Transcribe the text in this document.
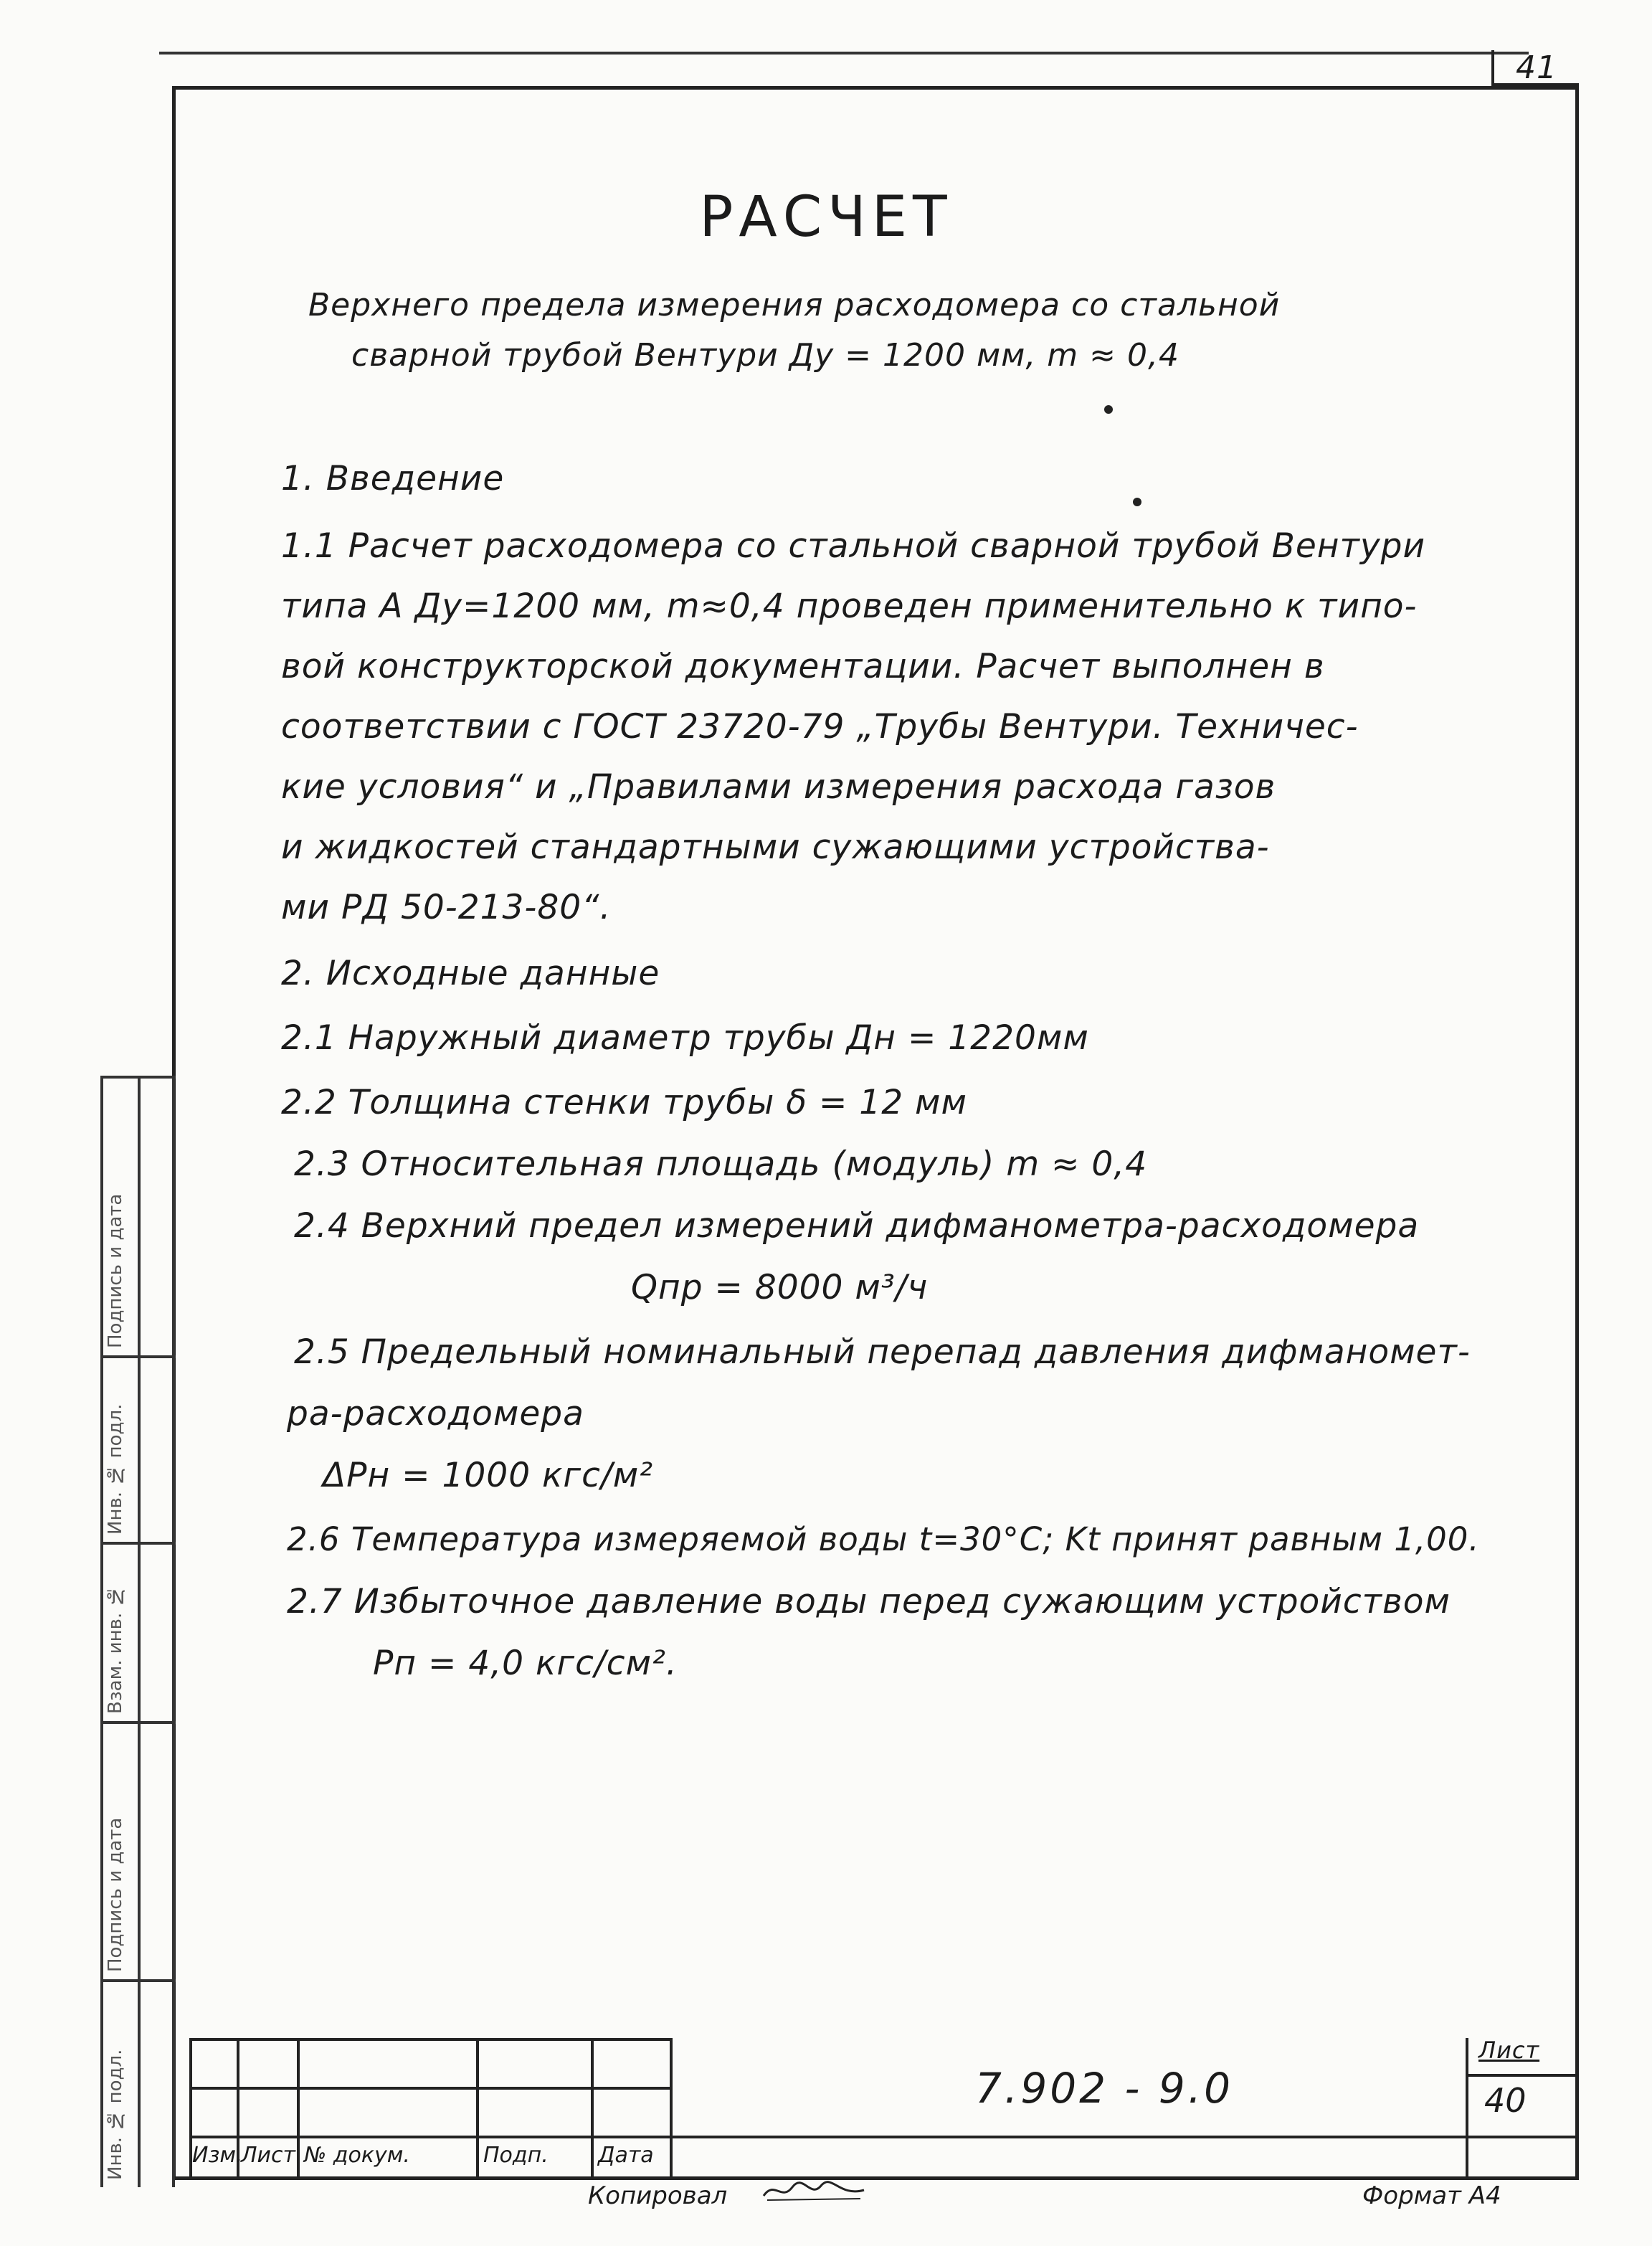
41
Подпись и дата
Инв. № подл.
Взам. инв. №
Подпись и дата
Инв. № подл.
РАСЧЕТ
Верхнего предела измерения расходомера со стальной
сварной трубой Вентури Ду = 1200 мм, m ≈ 0,4
1. Введение
1.1 Расчет расходомера со стальной сварной трубой Вентури
типа А Ду=1200 мм, m≈0,4 проведен применительно к типо-
вой конструкторской документации. Расчет выполнен в
соответствии с ГОСТ 23720-79 „Трубы Вентури. Техничес-
кие условия“ и „Правилами измерения расхода газов
и жидкостей стандартными сужающими устройства-
ми РД 50-213-80“.
2. Исходные данные
2.1 Наружный диаметр трубы Дн = 1220мм
2.2 Толщина стенки трубы δ = 12 мм
2.3 Относительная площадь (модуль) m ≈ 0,4
2.4 Верхний предел измерений дифманометра-расходомера
Qпр = 8000 м³/ч
2.5 Предельный номинальный перепад давления дифманомет-
ра-расходомера
ΔPн = 1000 кгс/м²
2.6 Температура измеряемой воды t=30°C; Kt принят равным 1,00.
2.7 Избыточное давление воды перед сужающим устройством
Pп = 4,0 кгс/см².
Изм.
Лист № докум.	Подп. Дата
7.902 - 9.0
Лист
40
Копировал	Формат А4
